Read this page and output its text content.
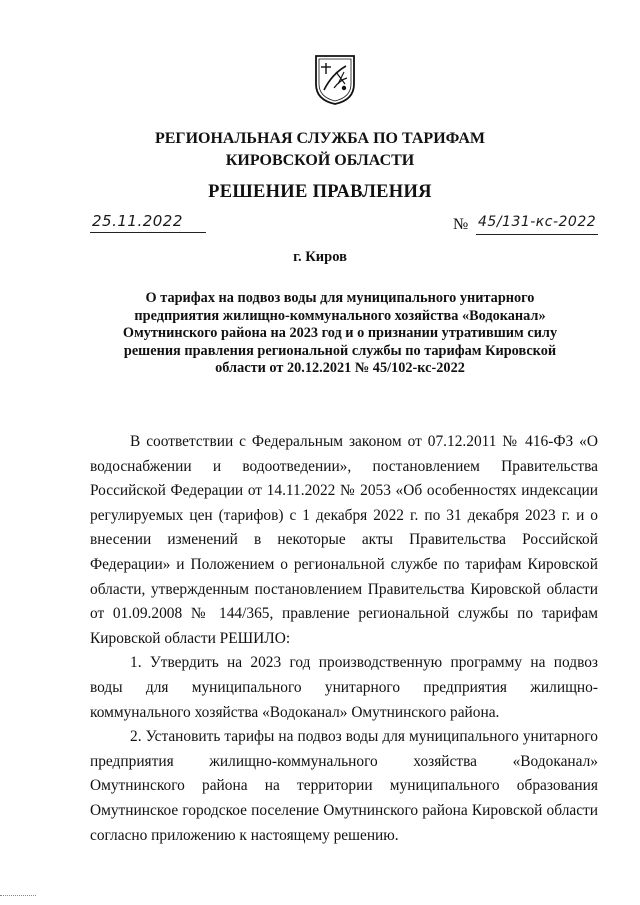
РЕГИОНАЛЬНАЯ СЛУЖБА ПО ТАРИФАМ
КИРОВСКОЙ ОБЛАСТИ
РЕШЕНИЕ ПРАВЛЕНИЯ
25.11.2022	№ 45/131-кс-2022
г. Киров
О тарифах на подвоз воды для муниципального унитарного предприятия жилищно-коммунального хозяйства «Водоканал» Омутнинского района на 2023 год и о признании утратившим силу решения правления региональной службы по тарифам Кировской области от 20.12.2021 № 45/102-кс-2022

В соответствии с Федеральным законом от 07.12.2011 № 416-ФЗ «О водоснабжении и водоотведении», постановлением Правительства Российской Федерации от 14.11.2022 № 2053 «Об особенностях индексации регулируемых цен (тарифов) с 1 декабря 2022 г. по 31 декабря 2023 г. и о внесении изменений в некоторые акты Правительства Российской Федерации» и Положением о региональной службе по тарифам Кировской области, утвержденным постановлением Правительства Кировской области от 01.09.2008 № 144/365, правление региональной службы по тарифам Кировской области РЕШИЛО:

1. Утвердить на 2023 год производственную программу на подвоз воды для муниципального унитарного предприятия жилищно-коммунального хозяйства «Водоканал» Омутнинского района.

2. Установить тарифы на подвоз воды для муниципального унитарного предприятия жилищно-коммунального хозяйства «Водоканал» Омутнинского района на территории муниципального образования Омутнинское городское поселение Омутнинского района Кировской области согласно приложению к настоящему решению.
